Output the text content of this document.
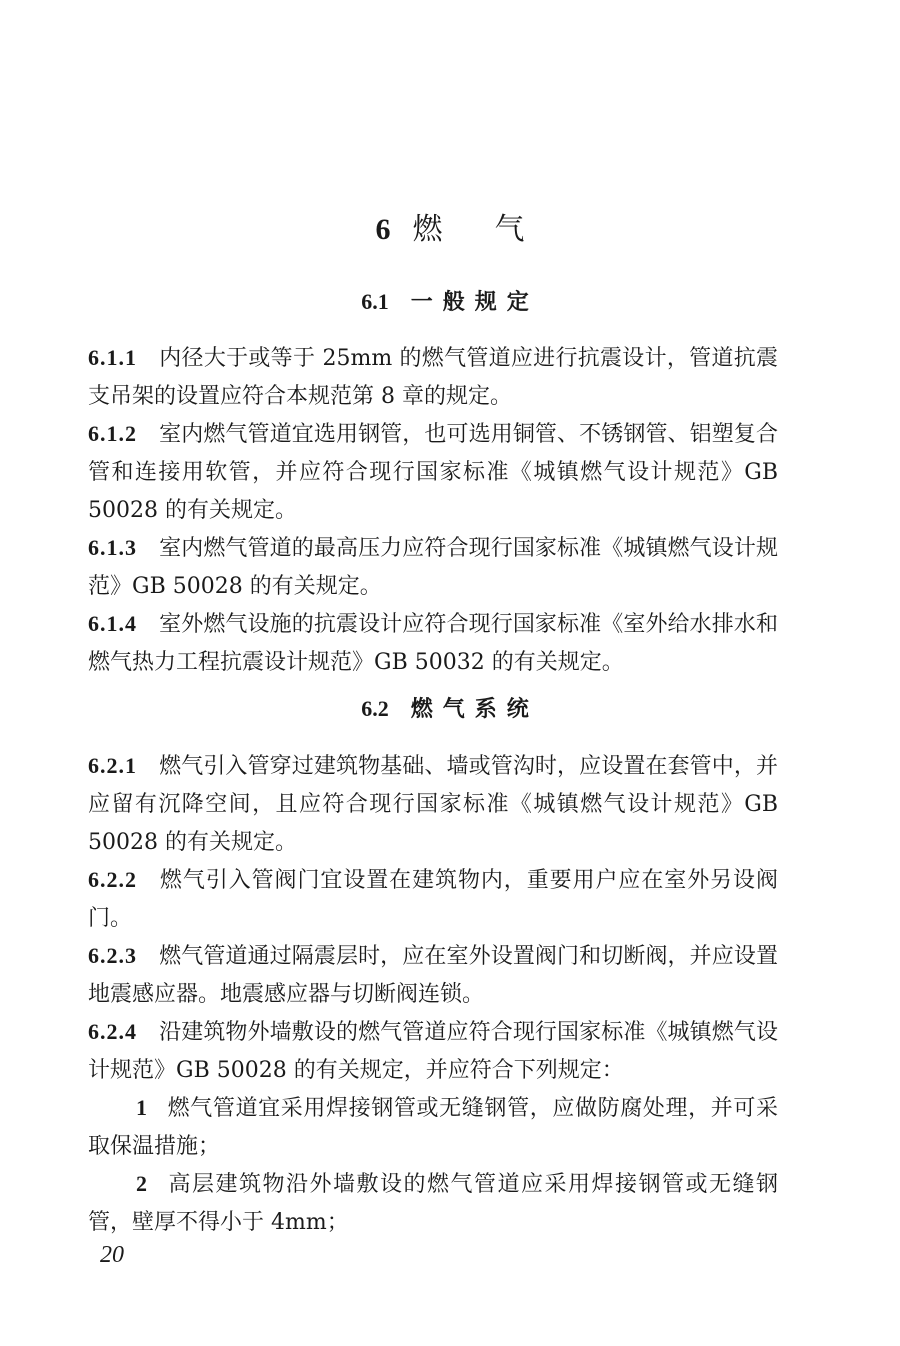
6 燃 气
6.1 一般规定
6.1.1 内径大于或等于 25mm 的燃气管道应进行抗震设计，管道抗震支吊架的设置应符合本规范第 8 章的规定。
6.1.2 室内燃气管道宜选用钢管，也可选用铜管、不锈钢管、铝塑复合管和连接用软管，并应符合现行国家标准《城镇燃气设计规范》GB 50028 的有关规定。
6.1.3 室内燃气管道的最高压力应符合现行国家标准《城镇燃气设计规范》GB 50028 的有关规定。
6.1.4 室外燃气设施的抗震设计应符合现行国家标准《室外给水排水和燃气热力工程抗震设计规范》GB 50032 的有关规定。
6.2 燃气系统
6.2.1 燃气引入管穿过建筑物基础、墙或管沟时，应设置在套管中，并应留有沉降空间，且应符合现行国家标准《城镇燃气设计规范》GB 50028 的有关规定。
6.2.2 燃气引入管阀门宜设置在建筑物内，重要用户应在室外另设阀门。
6.2.3 燃气管道通过隔震层时，应在室外设置阀门和切断阀，并应设置地震感应器。地震感应器与切断阀连锁。
6.2.4 沿建筑物外墙敷设的燃气管道应符合现行国家标准《城镇燃气设计规范》GB 50028 的有关规定，并应符合下列规定：
1 燃气管道宜采用焊接钢管或无缝钢管，应做防腐处理，并可采取保温措施；
2 高层建筑物沿外墙敷设的燃气管道应采用焊接钢管或无缝钢管，壁厚不得小于 4mm；
20
